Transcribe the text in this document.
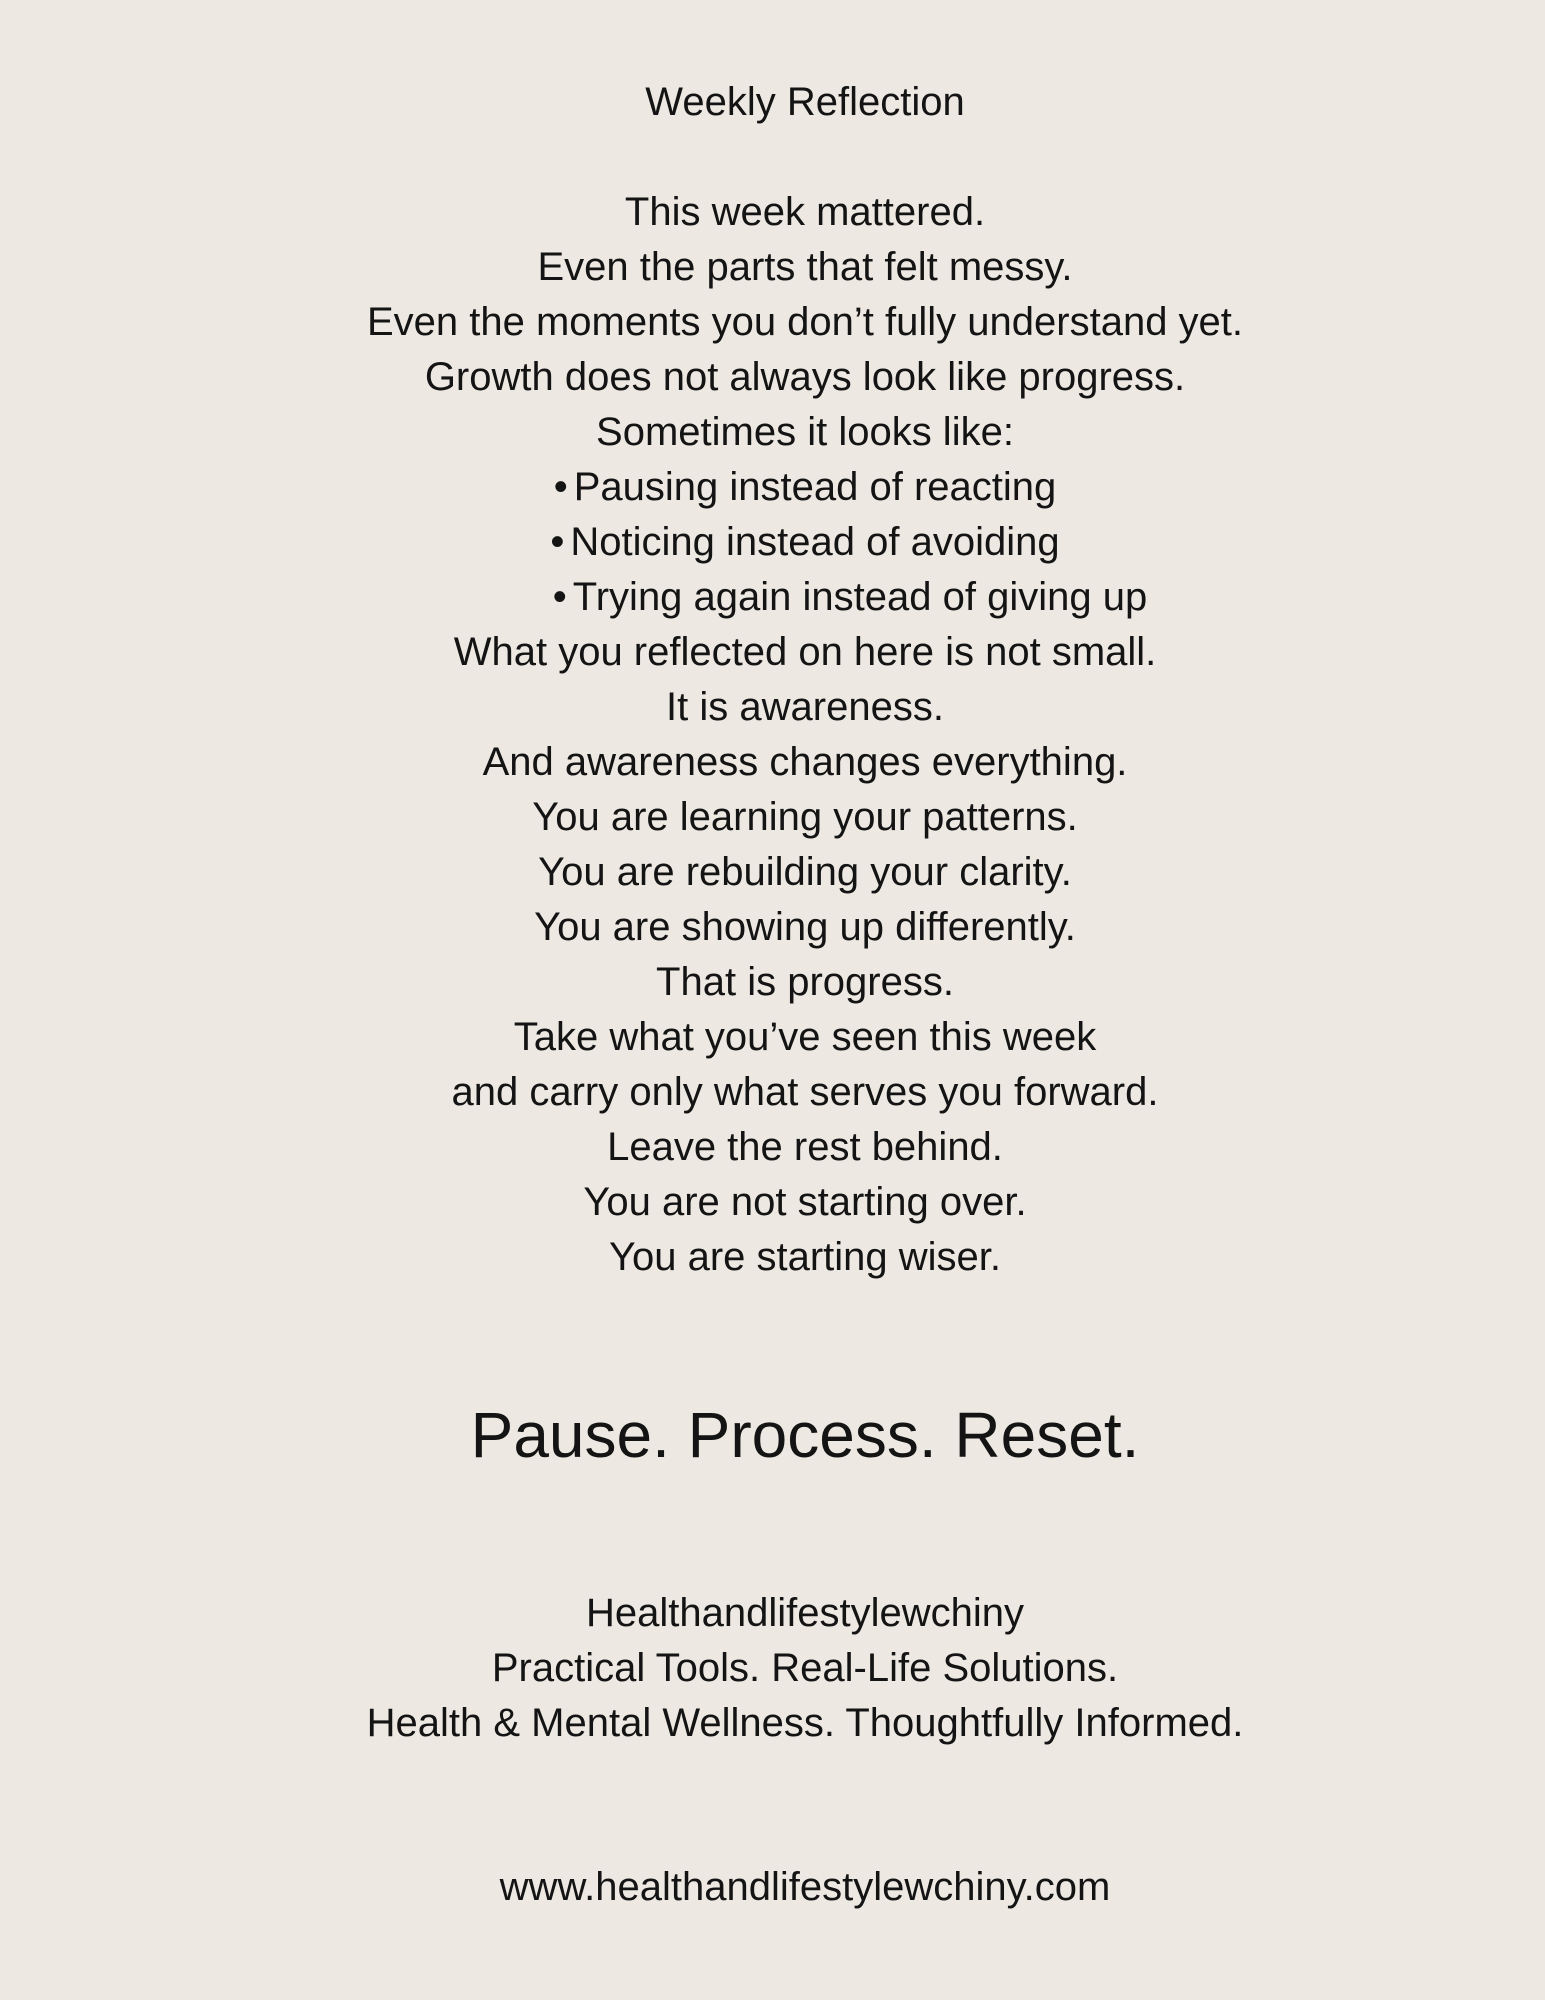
Weekly Reflection
This week mattered.
Even the parts that felt messy.
Even the moments you don’t fully understand yet.
Growth does not always look like progress.
Sometimes it looks like:
• Pausing instead of reacting
• Noticing instead of avoiding
• Trying again instead of giving up
What you reflected on here is not small.
It is awareness.
And awareness changes everything.
You are learning your patterns.
You are rebuilding your clarity.
You are showing up differently.
That is progress.
Take what you’ve seen this week
and carry only what serves you forward.
Leave the rest behind.
You are not starting over.
You are starting wiser.
Pause. Process. Reset.
Healthandlifestylewchiny
Practical Tools. Real-Life Solutions.
Health & Mental Wellness. Thoughtfully Informed.
www.healthandlifestylewchiny.com
